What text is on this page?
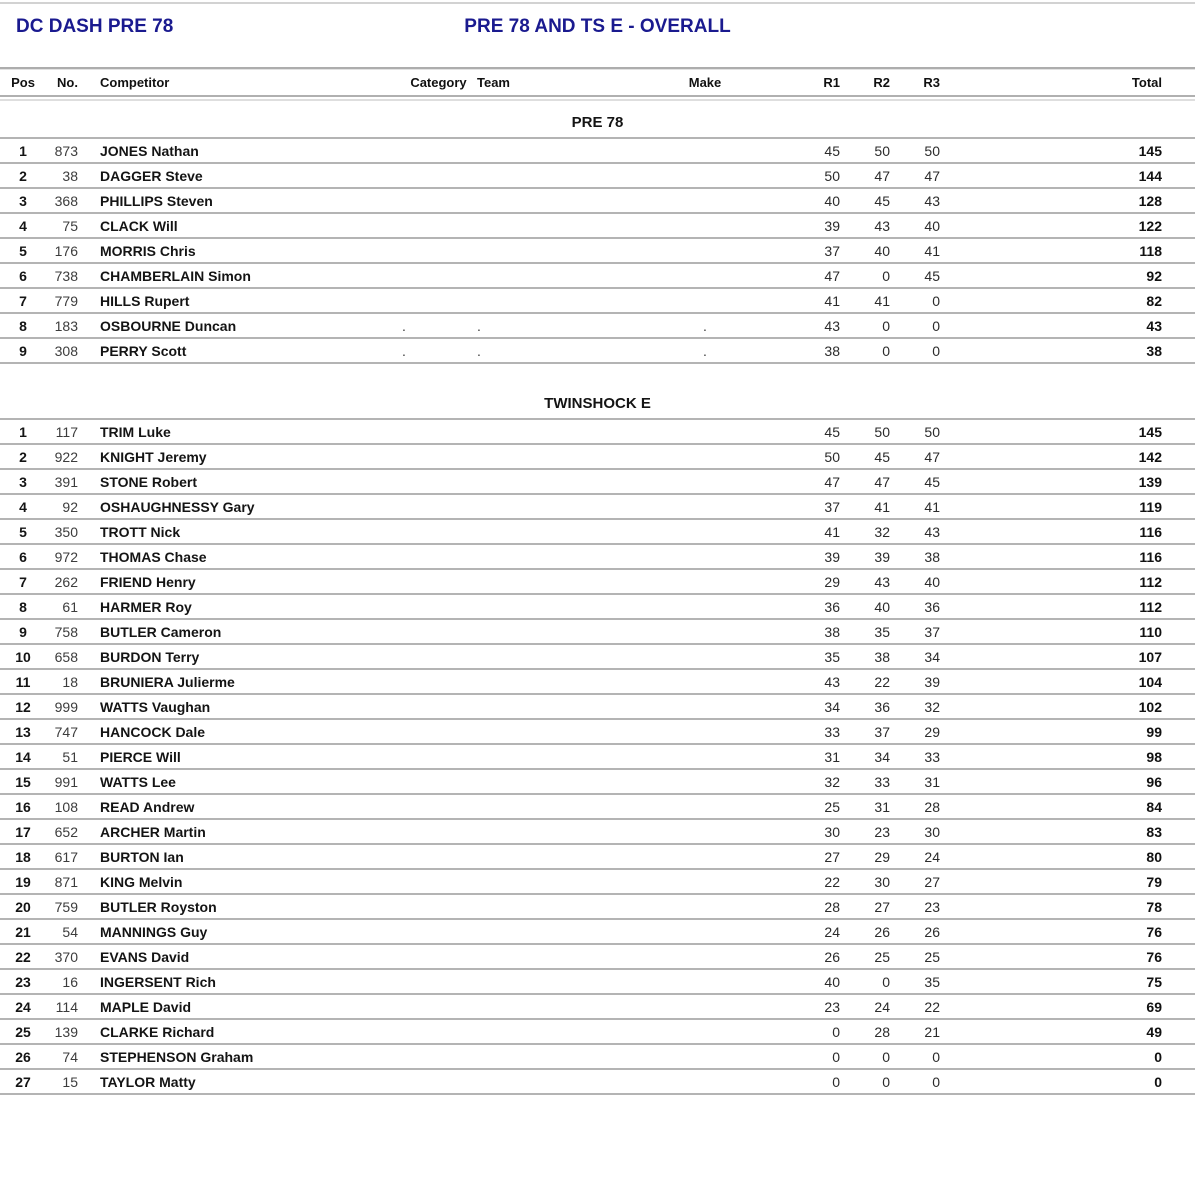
DC DASH PRE 78	PRE 78 AND TS E - OVERALL
Pos	No.	Competitor	Category Team	Make	R1	R2	R3	Total
PRE 78
1	873	JONES Nathan	45	50	50	145
2	38	DAGGER Steve	50	47	47	144
3	368	PHILLIPS Steven	40	45	43	128
4	75	CLACK Will	39	43	40	122
5	176	MORRIS Chris	37	40	41	118
6	738	CHAMBERLAIN Simon	47	0	45	92
7	779	HILLS Rupert	41	41	0	82
8	183	OSBOURNE Duncan	.	.	.	43	0	0	43
9	308	PERRY Scott	.	.	.	38	0	0	38
TWINSHOCK E
1	117	TRIM Luke	45	50	50	145
2	922	KNIGHT Jeremy	50	45	47	142
3	391	STONE Robert	47	47	45	139
4	92	OSHAUGHNESSY Gary	37	41	41	119
5	350	TROTT Nick	41	32	43	116
6	972	THOMAS Chase	39	39	38	116
7	262	FRIEND Henry	29	43	40	112
8	61	HARMER Roy	36	40	36	112
9	758	BUTLER Cameron	38	35	37	110
10	658	BURDON Terry	35	38	34	107
11	18	BRUNIERA Julierme	43	22	39	104
12	999	WATTS Vaughan	34	36	32	102
13	747	HANCOCK Dale	33	37	29	99
14	51	PIERCE Will	31	34	33	98
15	991	WATTS Lee	32	33	31	96
16	108	READ Andrew	25	31	28	84
17	652	ARCHER Martin	30	23	30	83
18	617	BURTON Ian	27	29	24	80
19	871	KING Melvin	22	30	27	79
20	759	BUTLER Royston	28	27	23	78
21	54	MANNINGS Guy	24	26	26	76
22	370	EVANS David	26	25	25	76
23	16	INGERSENT Rich	40	0	35	75
24	114	MAPLE David	23	24	22	69
25	139	CLARKE Richard	0	28	21	49
26	74	STEPHENSON Graham	0	0	0	0
27	15	TAYLOR Matty	0	0	0	0
